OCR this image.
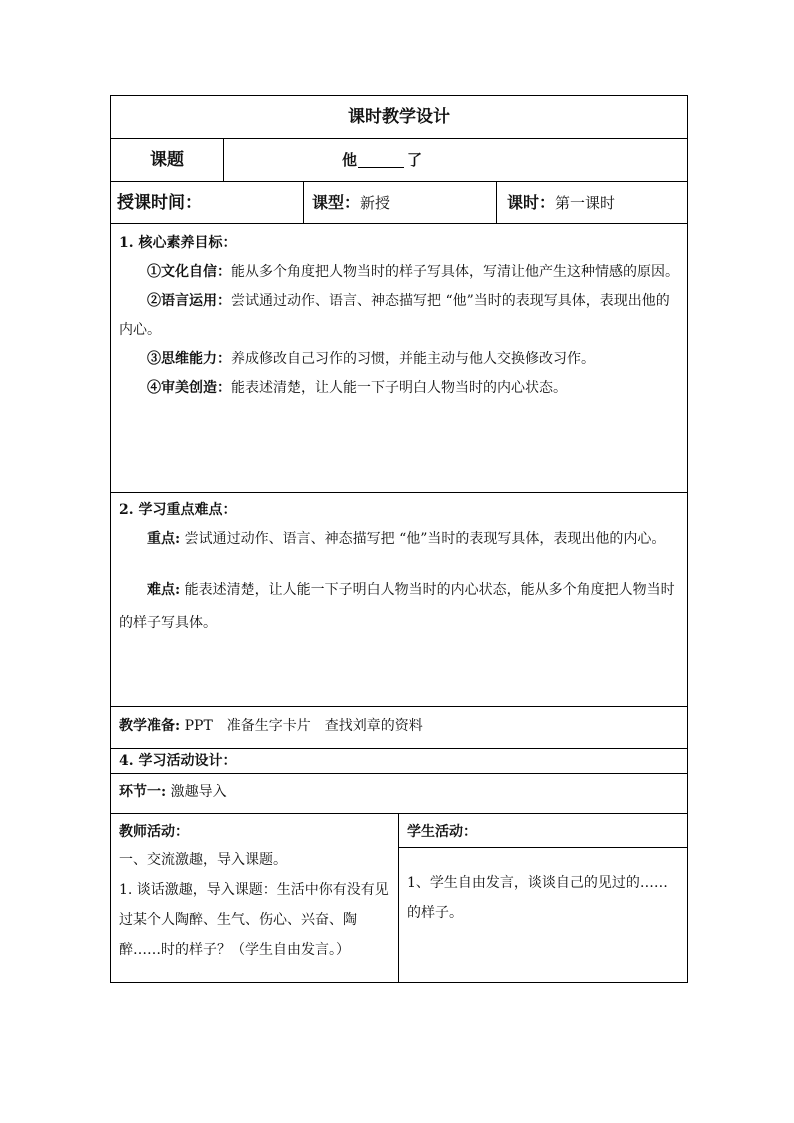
课时教学设计
课题	他	了
授课时间：	课型：新授	课时：第一课时
1. 核心素养目标：

①文化自信：能从多个角度把人物当时的样子写具体，写清让他产生这种情感的原因。

②语言运用：尝试通过动作、语言、神态描写把 “他”当时的表现写具体，表现出他的内心。

③思维能力：养成修改自己习作的习惯，并能主动与他人交换修改习作。

④审美创造：能表述清楚，让人能一下子明白人物当时的内心状态。

2. 学习重点难点：

重点: 尝试通过动作、语言、神态描写把 “他”当时的表现写具体，表现出他的内心。

难点: 能表述清楚，让人能一下子明白人物当时的内心状态，能从多个角度把人物当时的样子写具体。

教学准备: PPT　准备生字卡片　查找刘章的资料
4. 学习活动设计：
环节一: 激趣导入
教师活动：

一、交流激趣，导入课题。

1. 谈话激趣，导入课题：生活中你有没有见过某个人陶醉、生气、伤心、兴奋、陶醉……时的样子？（学生自由发言。）

学生活动：

1、学生自由发言，谈谈自己的见过的……的样子。
